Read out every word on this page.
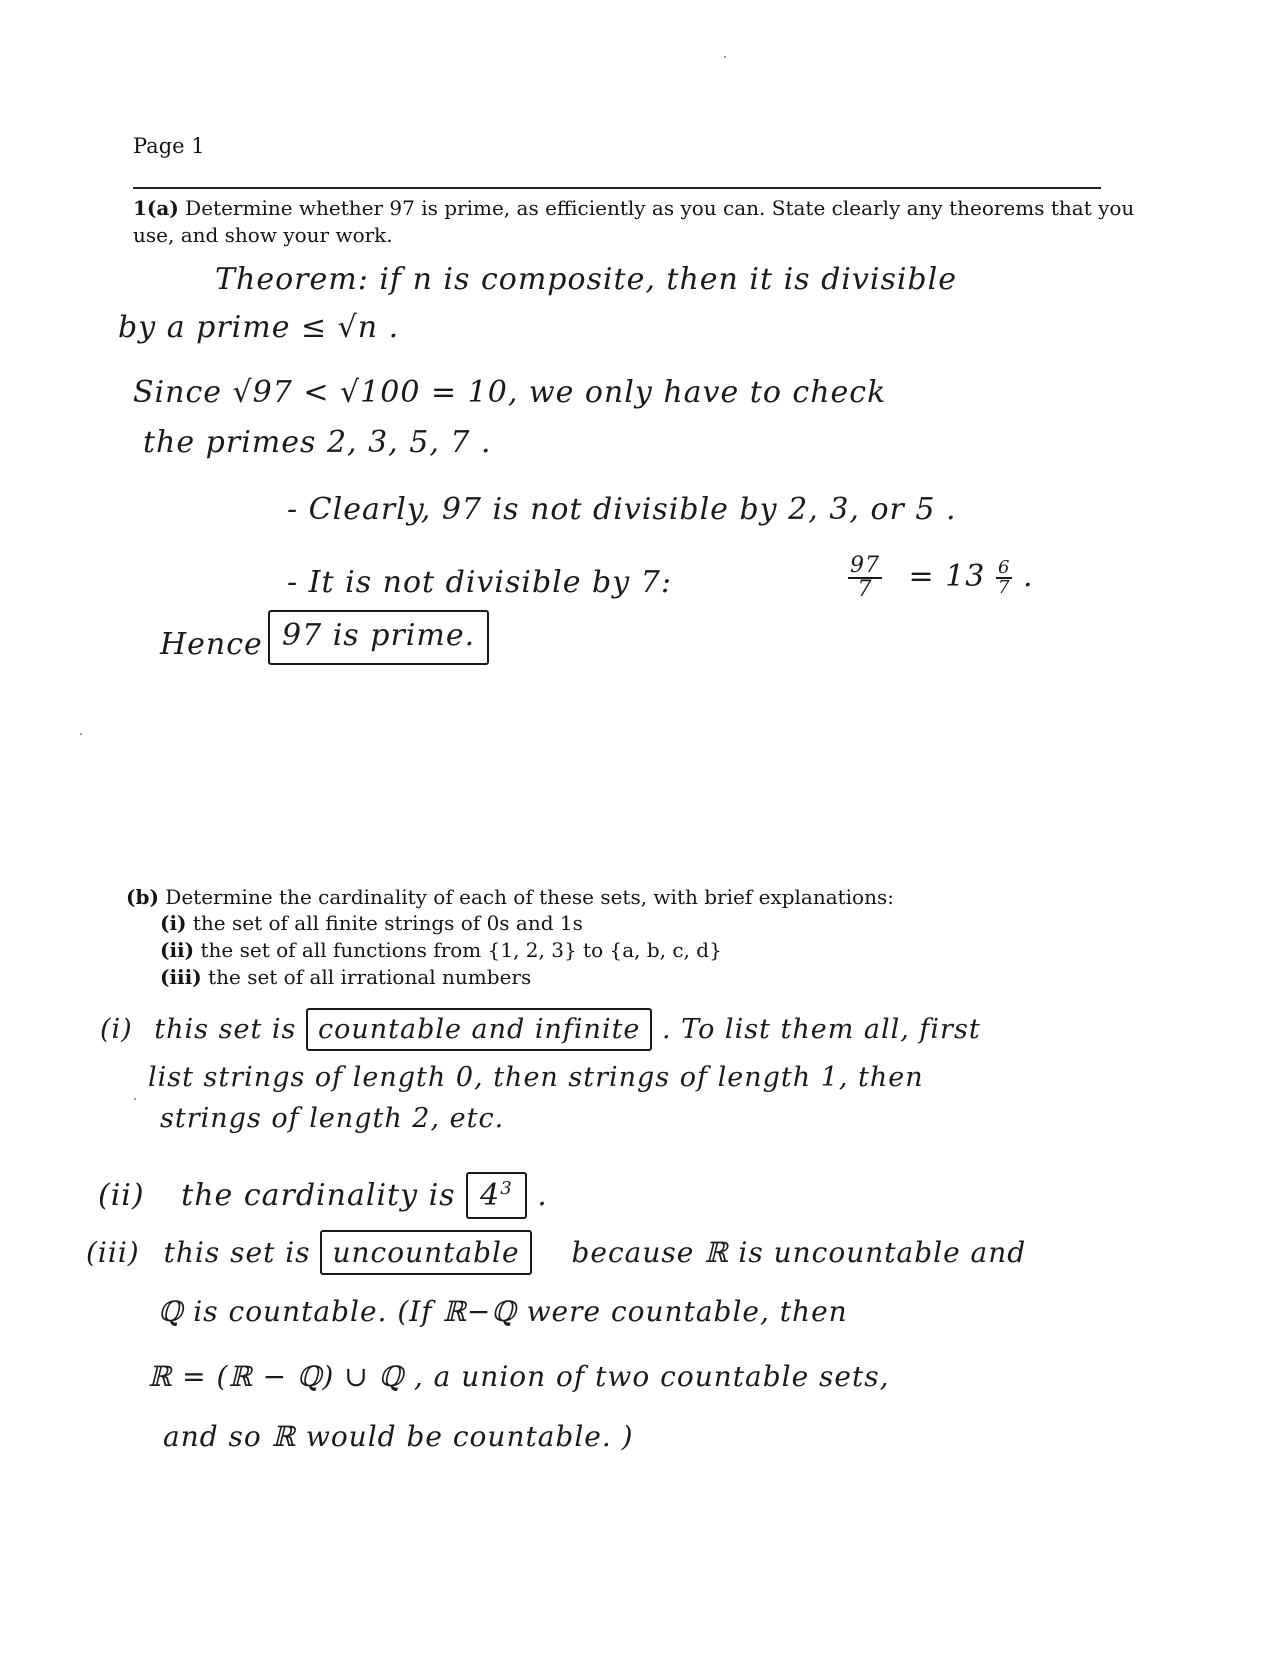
Page 1
1(a) Determine whether 97 is prime, as efficiently as you can. State clearly any theorems that you
use, and show your work.
Theorem: if n is composite, then it is divisible
by a prime ≤ √n .
Since √97 < √100 = 10, we only have to check
the primes 2, 3, 5, 7 .
- Clearly, 97 is not divisible by 2, 3, or 5 .
- It is not divisible by 7:	$\frac{97}{7} = 13 \frac{6}{7}$ .
Hence 97 is prime.
(b) Determine the cardinality of each of these sets, with brief explanations:
(i) the set of all finite strings of 0s and 1s
(ii) the set of all functions from {1, 2, 3} to {a, b, c, d}
(iii) the set of all irrational numbers
(i) this set is countable and infinite . To list them all, first
list strings of length 0, then strings of length 1, then
strings of length 2, etc.
(ii) the cardinality is $4^3$ .
(iii) this set is uncountable because ℝ is uncountable and
ℚ is countable. (If ℝ−ℚ were countable, then
ℝ = (ℝ − ℚ) ∪ ℚ , a union of two countable sets,
and so ℝ would be countable. )
